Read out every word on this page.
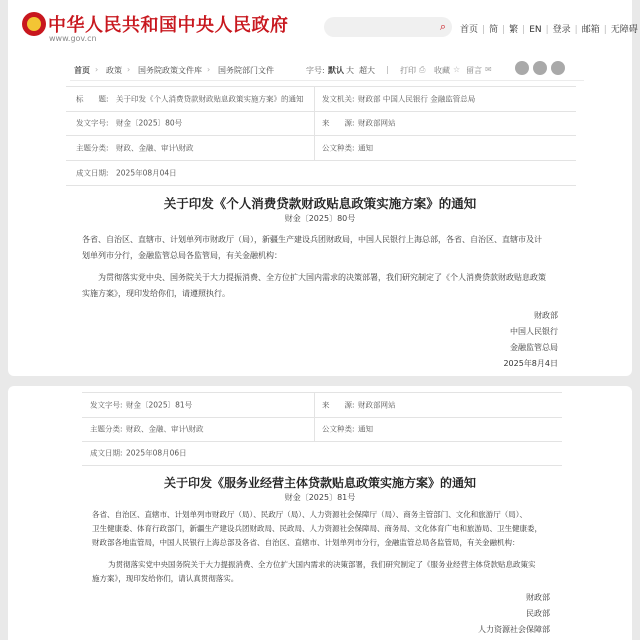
中华人民共和国中央人民政府
www.gov.cn
⌕ 首页 | 简 | 繁 | EN | 登录 | 邮箱 | 无障碍
首页 › 政策 › 国务院政策文件库 › 国务院部门文件	字号: 默认 大 超大 | 打印 ⎙ 收藏 ☆ 留言 ✉
标　　题: 关于印发《个人消费贷款财政贴息政策实施方案》的通知 发文机关: 财政部 中国人民银行 金融监管总局
发文字号: 财金〔2025〕80号	来　　源: 财政部网站
主题分类: 财政、金融、审计\财政	公文种类: 通知
成文日期: 2025年08月04日
关于印发《个人消费贷款财政贴息政策实施方案》的通知
财金〔2025〕80号
各省、自治区、直辖市、计划单列市财政厅（局），新疆生产建设兵团财政局，中国人民银行上海总部，各省、自治区、直辖市及计
划单列市分行，金融监管总局各监管局，有关金融机构：
为贯彻落实党中央、国务院关于大力提振消费、全方位扩大国内需求的决策部署，我们研究制定了《个人消费贷款财政贴息政策
实施方案》，现印发给你们，请遵照执行。
财政部
中国人民银行
金融监管总局
2025年8月4日
发文字号: 财金〔2025〕81号	来　　源: 财政部网站
主题分类: 财政、金融、审计\财政	公文种类: 通知
成文日期: 2025年08月06日
关于印发《服务业经营主体贷款贴息政策实施方案》的通知
财金〔2025〕81号
各省、自治区、直辖市、计划单列市财政厅（局）、民政厅（局）、人力资源社会保障厅（局）、商务主管部门、文化和旅游厅（局）、
卫生健康委、体育行政部门，新疆生产建设兵团财政局、民政局、人力资源社会保障局、商务局、文化体育广电和旅游局、卫生健康委，
财政部各地监管局，中国人民银行上海总部及各省、自治区、直辖市、计划单列市分行，金融监管总局各监管局，有关金融机构：
为贯彻落实党中央国务院关于大力提振消费、全方位扩大国内需求的决策部署，我们研究制定了《服务业经营主体贷款贴息政策实
施方案》，现印发给你们，请认真贯彻落实。
财政部
民政部
人力资源社会保障部
